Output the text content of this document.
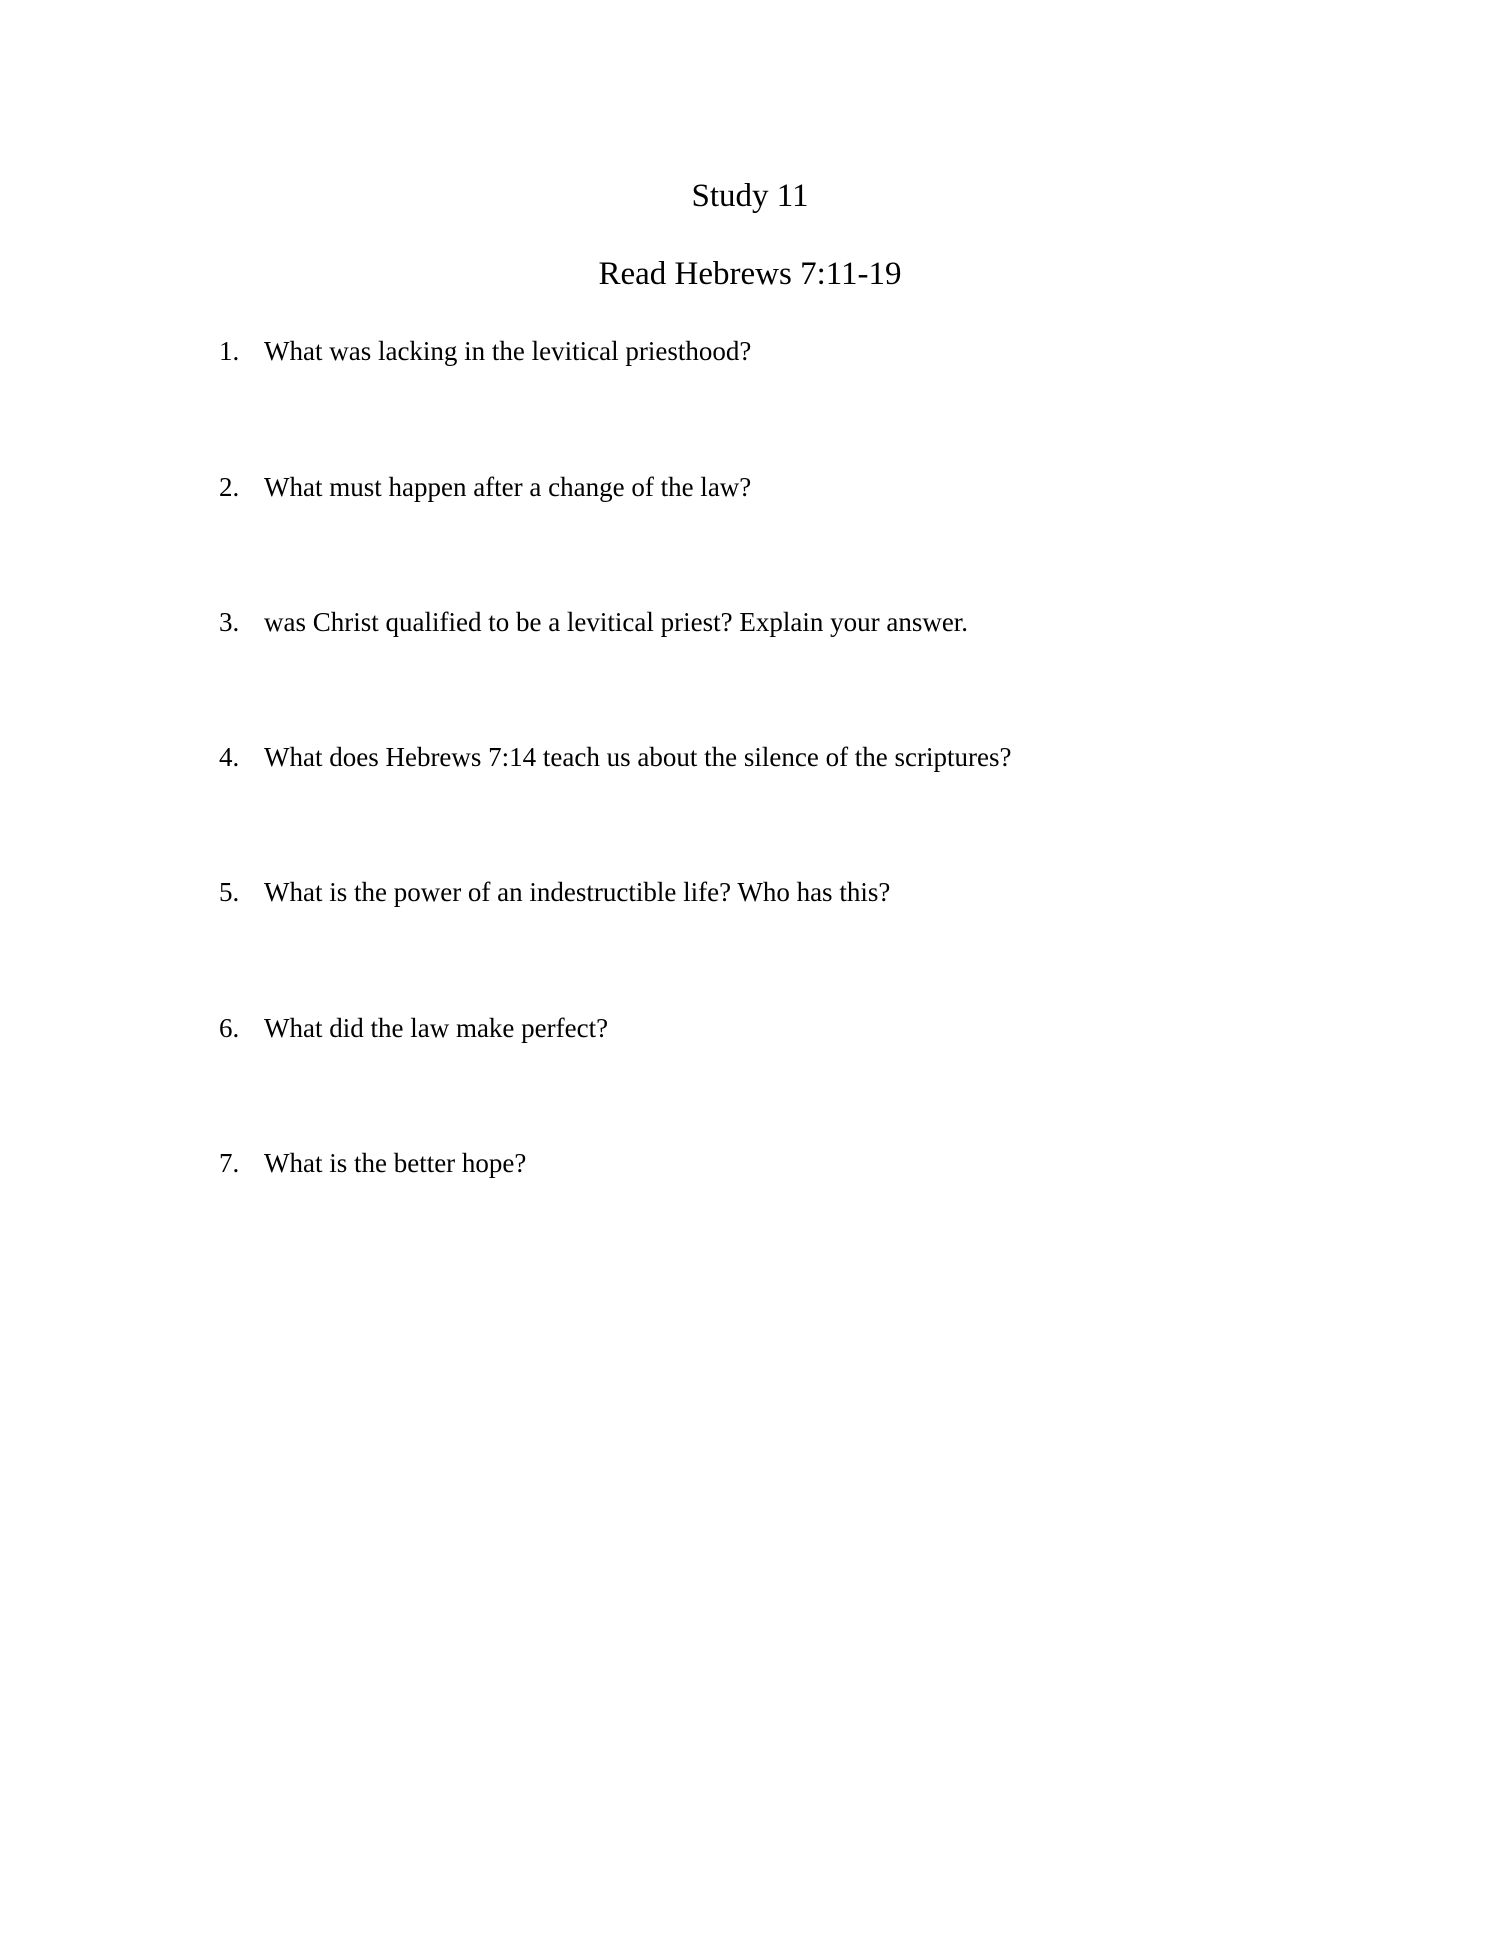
Study 11
Read Hebrews 7:11-19
1. What was lacking in the levitical priesthood?
2. What must happen after a change of the law?
3. was Christ qualified to be a levitical priest? Explain your answer.
4. What does Hebrews 7:14 teach us about the silence of the scriptures?
5. What is the power of an indestructible life? Who has this?
6. What did the law make perfect?
7. What is the better hope?
